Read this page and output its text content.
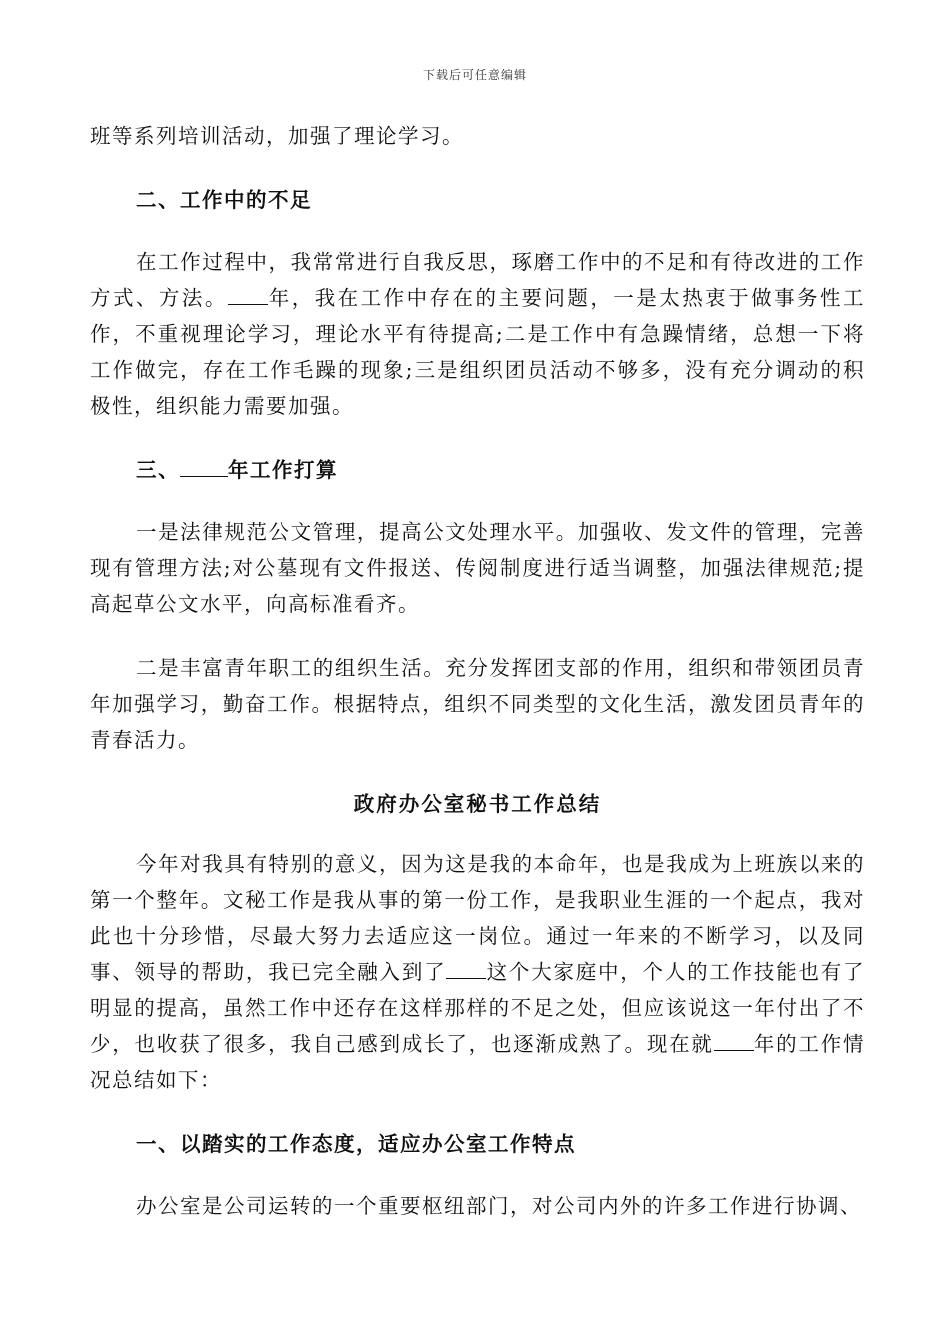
下载后可任意编辑

班等系列培训活动，加强了理论学习。

二、工作中的不足

在工作过程中，我常常进行自我反思，琢磨工作中的不足和有待改进的工作方式、方法。 年，我在工作中存在的主要问题，一是太热衷于做事务性工作，不重视理论学习，理论水平有待提高;二是工作中有急躁情绪，总想一下将工作做完，存在工作毛躁的现象;三是组织团员活动不够多，没有充分调动的积极性，组织能力需要加强。

三、 年工作打算

一是法律规范公文管理，提高公文处理水平。加强收、发文件的管理，完善现有管理方法;对公墓现有文件报送、传阅制度进行适当调整，加强法律规范;提高起草公文水平，向高标准看齐。

二是丰富青年职工的组织生活。充分发挥团支部的作用，组织和带领团员青年加强学习，勤奋工作。根据特点，组织不同类型的文化生活，激发团员青年的青春活力。

政府办公室秘书工作总结

今年对我具有特别的意义，因为这是我的本命年，也是我成为上班族以来的第一个整年。文秘工作是我从事的第一份工作，是我职业生涯的一个起点，我对此也十分珍惜，尽最大努力去适应这一岗位。通过一年来的不断学习，以及同事、领导的帮助，我已完全融入到了 这个大家庭中，个人的工作技能也有了明显的提高，虽然工作中还存在这样那样的不足之处，但应该说这一年付出了不少，也收获了很多，我自己感到成长了，也逐渐成熟了。现在就 年的工作情况总结如下：

一、以踏实的工作态度，适应办公室工作特点

办公室是公司运转的一个重要枢纽部门，对公司内外的许多工作进行协调、
